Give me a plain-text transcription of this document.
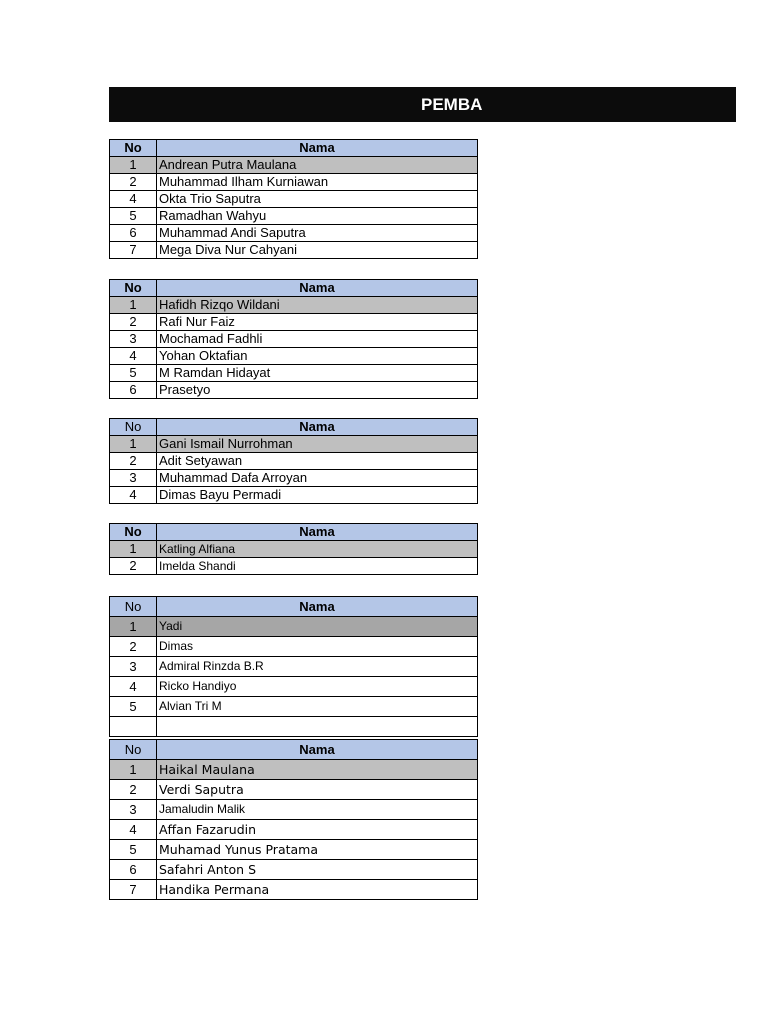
PEMBA
No	Nama
1	Andrean Putra Maulana
2	Muhammad Ilham Kurniawan
4	Okta Trio Saputra
5	Ramadhan Wahyu
6	Muhammad Andi Saputra
7	Mega Diva Nur Cahyani
No	Nama
1	Hafidh Rizqo Wildani
2	Rafi Nur Faiz
3	Mochamad Fadhli
4	Yohan Oktafian
5	M Ramdan Hidayat
6	Prasetyo
No	Nama
1	Gani Ismail Nurrohman
2	Adit Setyawan
3	Muhammad Dafa Arroyan
4	Dimas Bayu Permadi
No	Nama
1	Katling Alfiana
2	Imelda Shandi
No	Nama
1	Yadi
2	Dimas
3	Admiral Rinzda B.R
4	Ricko Handiyo
5	Alvian Tri M

No	Nama
1	Haikal Maulana
2	Verdi Saputra
3	Jamaludin Malik
4	Affan Fazarudin
5	Muhamad Yunus Pratama
6	Safahri Anton S
7	Handika Permana
